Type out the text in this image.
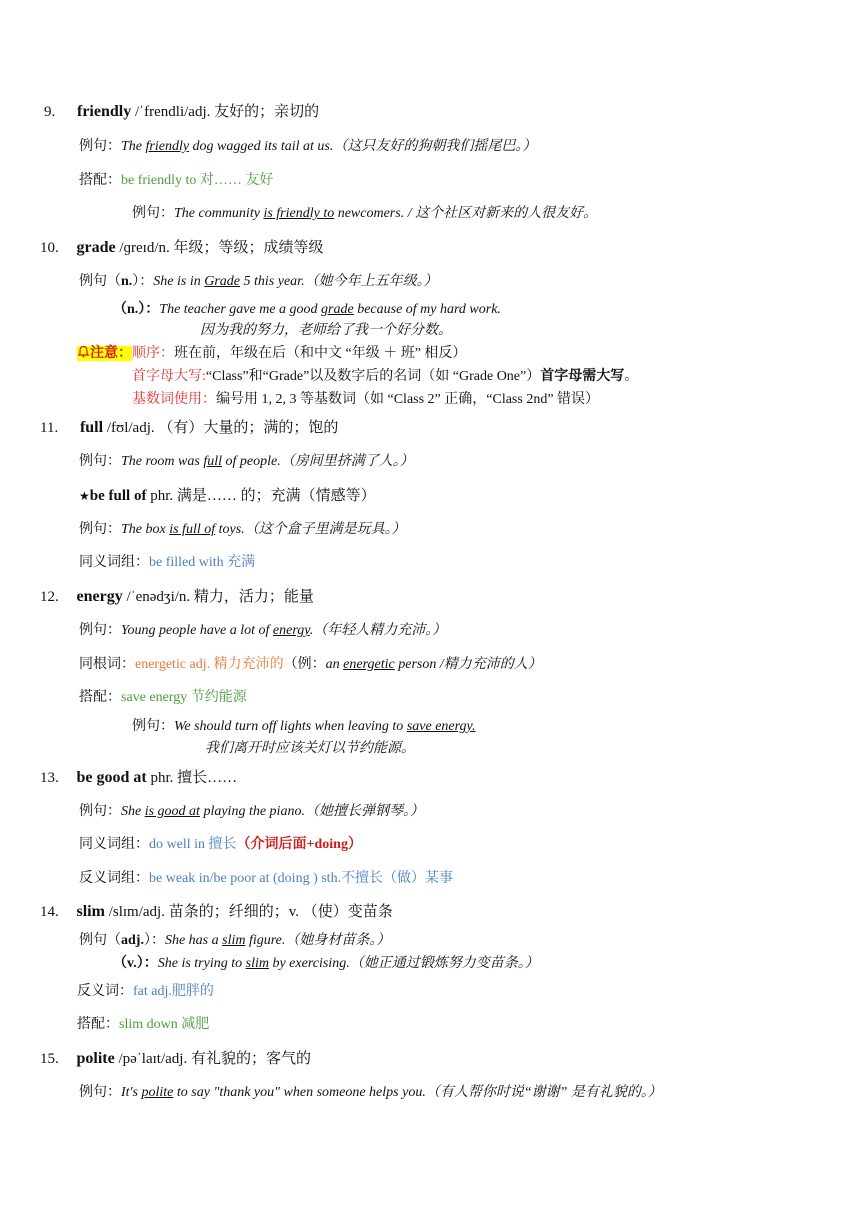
9. friendly /ˈfrendli/adj. 友好的；亲切的
例句：The friendly dog wagged its tail at us.（这只友好的狗朝我们摇尾巴。）
搭配：be friendly to 对…… 友好
例句：The community is friendly to newcomers. / 这个社区对新来的人很友好。
10. grade /ɡreɪd/n. 年级；等级；成绩等级
例句（n.）：She is in Grade 5 this year.（她今年上五年级。）
（n.）：The teacher gave me a good grade because of my hard work.
因为我的努力，老师给了我一个好分数。
注意：顺序：班在前，年级在后（和中文 “年级 ＋ 班” 相反）
首字母大写:“Class”和“Grade”以及数字后的名词（如 “Grade One”）首字母需大写。
基数词使用：编号用 1, 2, 3 等基数词（如 “Class 2” 正确，“Class 2nd” 错误）
11. full /fʊl/adj. （有）大量的；满的；饱的
例句：The room was full of people.（房间里挤满了人。）
★be full of phr. 满是…… 的；充满（情感等）
例句：The box is full of toys.（这个盒子里满是玩具。）
同义词组：be filled with 充满
12. energy /ˈenədʒi/n. 精力，活力；能量
例句：Young people have a lot of energy.（年轻人精力充沛。）
同根词：energetic adj. 精力充沛的（例：an energetic person /精力充沛的人）
搭配：save energy 节约能源
例句：We should turn off lights when leaving to save energy.
我们离开时应该关灯以节约能源。
13. be good at phr. 擅长……
例句：She is good at playing the piano.（她擅长弹钢琴。）
同义词组：do well in 擅长（介词后面+doing）
反义词组：be weak in/be poor at (doing ) sth.不擅长（做）某事
14. slim /slɪm/adj. 苗条的；纤细的；v. （使）变苗条
例句（adj.）：She has a slim figure.（她身材苗条。）
（v.）：She is trying to slim by exercising.（她正通过锻炼努力变苗条。）
反义词：fat adj.肥胖的
搭配：slim down 减肥
15. polite /pəˈlaɪt/adj. 有礼貌的；客气的
例句：It's polite to say "thank you" when someone helps you.（有人帮你时说“谢谢” 是有礼貌的。）
